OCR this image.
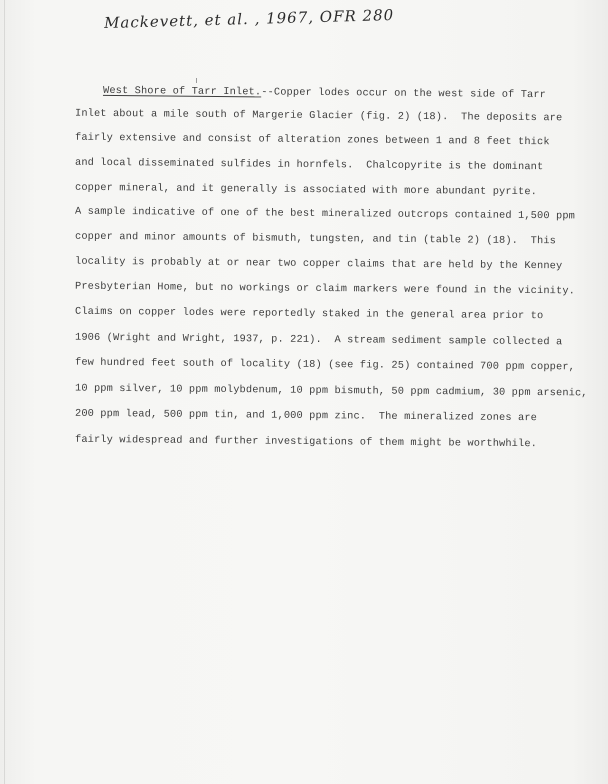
Mackevett, et al. , 1967, OFR 280
West Shore of Tarr Inlet.--Copper lodes occur on the west side of Tarr
Inlet about a mile south of Margerie Glacier (fig. 2) (18).  The deposits are
fairly extensive and consist of alteration zones between 1 and 8 feet thick
and local disseminated sulfides in hornfels.  Chalcopyrite is the dominant
copper mineral, and it generally is associated with more abundant pyrite.
A sample indicative of one of the best mineralized outcrops contained 1,500 ppm
copper and minor amounts of bismuth, tungsten, and tin (table 2) (18).  This
locality is probably at or near two copper claims that are held by the Kenney
Presbyterian Home, but no workings or claim markers were found in the vicinity.
Claims on copper lodes were reportedly staked in the general area prior to
1906 (Wright and Wright, 1937, p. 221).  A stream sediment sample collected a
few hundred feet south of locality (18) (see fig. 25) contained 700 ppm copper,
10 ppm silver, 10 ppm molybdenum, 10 ppm bismuth, 50 ppm cadmium, 30 ppm arsenic,
200 ppm lead, 500 ppm tin, and 1,000 ppm zinc.  The mineralized zones are
fairly widespread and further investigations of them might be worthwhile.
